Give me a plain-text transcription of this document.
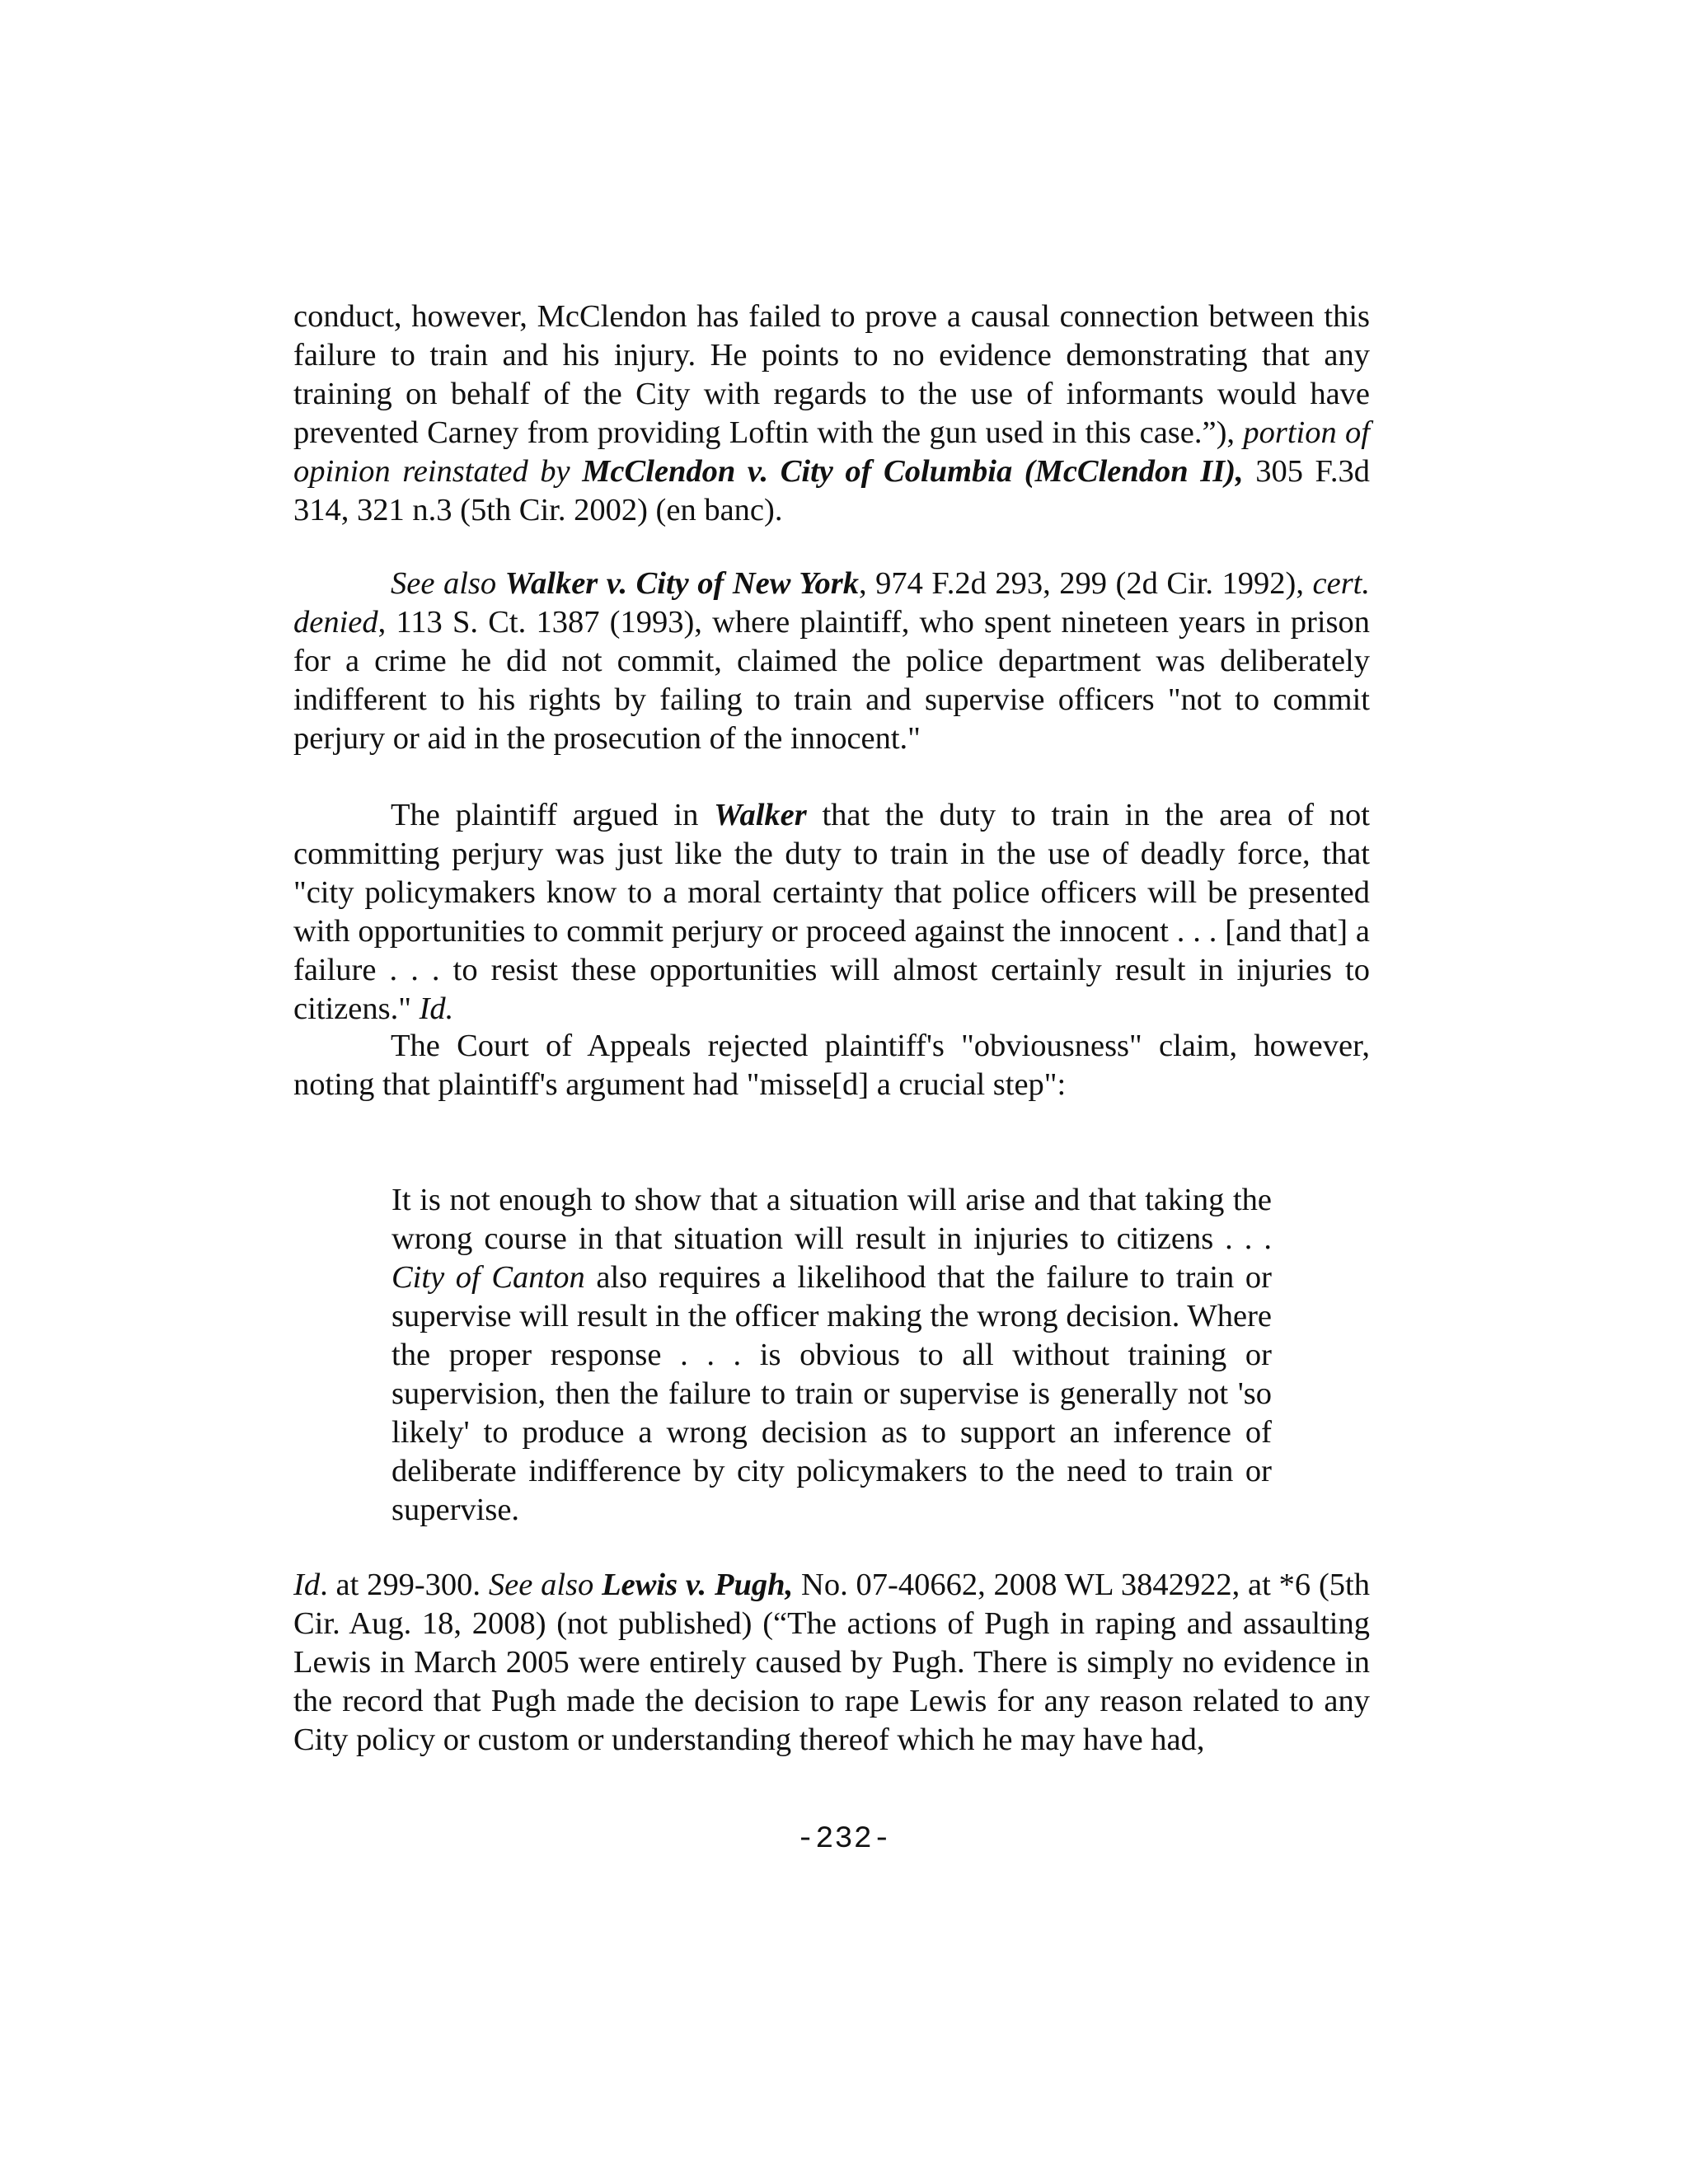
conduct, however, McClendon has failed to prove a causal connection between this failure to train and his injury. He points to no evidence demonstrating that any training on behalf of the City with regards to the use of informants would have prevented Carney from providing Loftin with the gun used in this case.”), portion of opinion reinstated by McClendon v. City of Columbia (McClendon II), 305 F.3d 314, 321 n.3 (5th Cir. 2002) (en banc).

See also Walker v. City of New York, 974 F.2d 293, 299 (2d Cir. 1992), cert. denied, 113 S. Ct. 1387 (1993), where plaintiff, who spent nineteen years in prison for a crime he did not commit, claimed the police department was deliberately indifferent to his rights by failing to train and supervise officers "not to commit perjury or aid in the prosecution of the innocent."

The plaintiff argued in Walker that the duty to train in the area of not committing perjury was just like the duty to train in the use of deadly force, that "city policymakers know to a moral certainty that police officers will be presented with opportunities to commit perjury or proceed against the innocent . . . [and that] a failure . . . to resist these opportunities will almost certainly result in injuries to citizens." Id.

The Court of Appeals rejected plaintiff's "obviousness" claim, however, noting that plaintiff's argument had "misse[d] a crucial step":

It is not enough to show that a situation will arise and that taking the wrong course in that situation will result in injuries to citizens . . . City of Canton also requires a likelihood that the failure to train or supervise will result in the officer making the wrong decision. Where the proper response . . . is obvious to all without training or supervision, then the failure to train or supervise is generally not 'so likely' to produce a wrong decision as to support an inference of deliberate indifference by city policymakers to the need to train or supervise.

Id. at 299-300. See also Lewis v. Pugh, No. 07-40662, 2008 WL 3842922, at *6 (5th Cir. Aug. 18, 2008) (not published) (“The actions of Pugh in raping and assaulting Lewis in March 2005 were entirely caused by Pugh. There is simply no evidence in the record that Pugh made the decision to rape Lewis for any reason related to any City policy or custom or understanding thereof which he may have had,

-232-
